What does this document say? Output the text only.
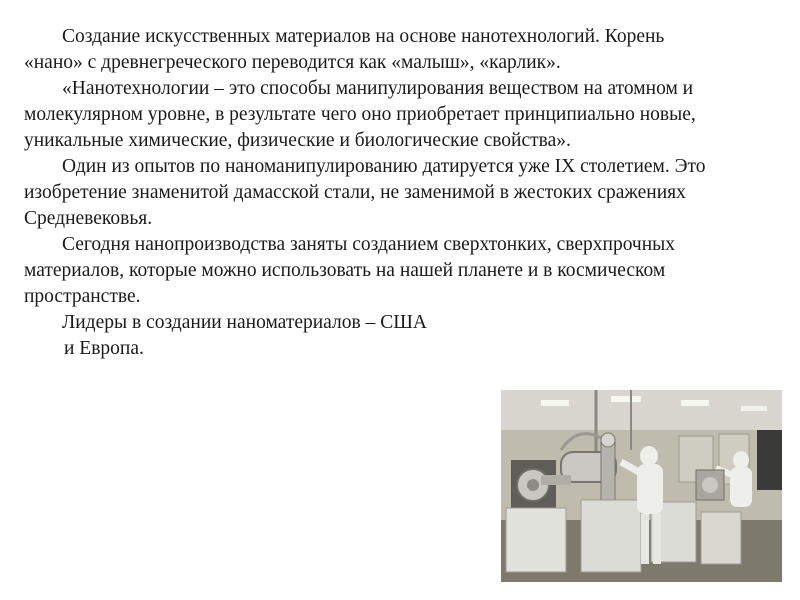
Создание искусственных материалов на основе нанотехнологий. Корень «нано» с древнегреческого переводится как «малыш», «карлик».

«Нанотехнологии – это способы манипулирования веществом на атомном и молекулярном уровне, в результате чего оно приобретает принципиально новые, уникальные химические, физические и биологические свойства».

Один из опытов по наноманипулированию датируется уже IX столетием. Это изобретение знаменитой дамасской стали, не заменимой в жестоких сражениях Средневековья.

Сегодня нанопроизводства заняты созданием сверхтонких, сверхпрочных материалов, которые можно использовать на нашей планете и в космическом пространстве.

Лидеры в создании наноматериалов – США
и Европа.
